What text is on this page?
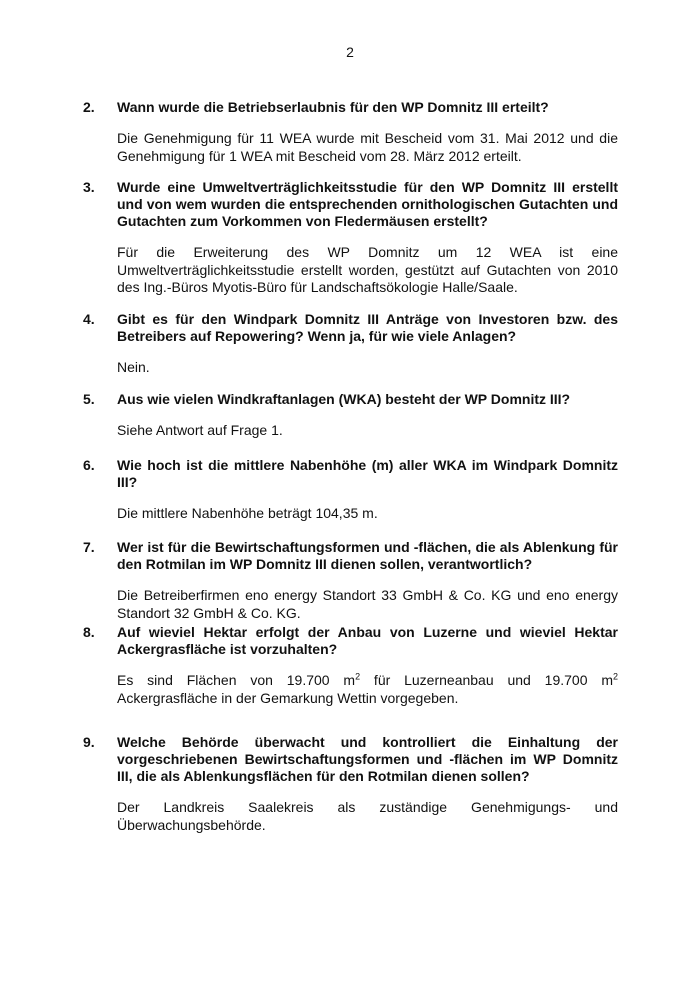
2
2.	Wann wurde die Betriebserlaubnis für den WP Domnitz III erteilt?
Die Genehmigung für 11 WEA wurde mit Bescheid vom 31. Mai 2012 und die Genehmigung für 1 WEA mit Bescheid vom 28. März 2012 erteilt.
3.	Wurde eine Umweltverträglichkeitsstudie für den WP Domnitz III erstellt und von wem wurden die entsprechenden ornithologischen Gutachten und Gutachten zum Vorkommen von Fledermäusen erstellt?
Für die Erweiterung des WP Domnitz um 12 WEA ist eine Umweltverträglichkeitsstudie erstellt worden, gestützt auf Gutachten von 2010 des Ing.-Büros Myotis-Büro für Landschaftsökologie Halle/Saale.
4.	Gibt es für den Windpark Domnitz III Anträge von Investoren bzw. des Betreibers auf Repowering? Wenn ja, für wie viele Anlagen?
Nein.
5.	Aus wie vielen Windkraftanlagen (WKA) besteht der WP Domnitz III?
Siehe Antwort auf Frage 1.
6.	Wie hoch ist die mittlere Nabenhöhe (m) aller WKA im Windpark Domnitz III?
Die mittlere Nabenhöhe beträgt 104,35 m.
7.	Wer ist für die Bewirtschaftungsformen und -flächen, die als Ablenkung für den Rotmilan im WP Domnitz III dienen sollen, verantwortlich?
Die Betreiberfirmen eno energy Standort 33 GmbH & Co. KG und eno energy Standort 32 GmbH & Co. KG.
8.	Auf wieviel Hektar erfolgt der Anbau von Luzerne und wieviel Hektar Ackergrasfläche ist vorzuhalten?
Es sind Flächen von 19.700 $m^2$ für Luzerneanbau und 19.700 $m^2$ Ackergrasfläche in der Gemarkung Wettin vorgegeben.
9.	Welche Behörde überwacht und kontrolliert die Einhaltung der vorgeschriebenen Bewirtschaftungsformen und -flächen im WP Domnitz III, die als Ablenkungsflächen für den Rotmilan dienen sollen?
Der Landkreis Saalekreis als zuständige Genehmigungs- und Überwachungsbehörde.
